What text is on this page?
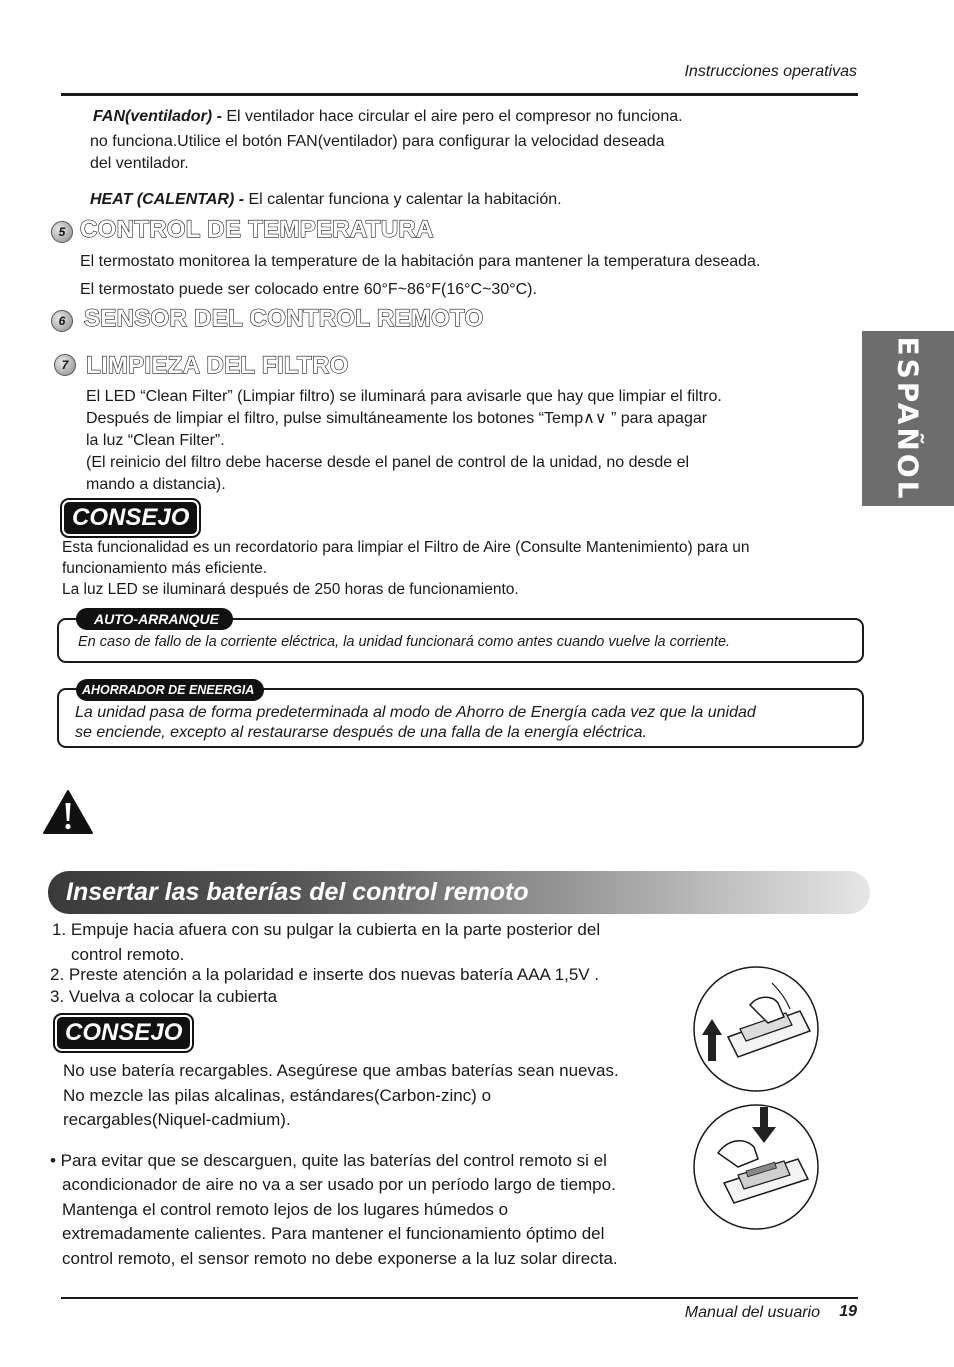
Instrucciones operativas
ESPAÑOL
FAN(ventilador) - El ventilador hace circular el aire pero el compresor no funciona.
no funciona.Utilice el botón FAN(ventilador) para configurar la velocidad deseada
del ventilador.
HEAT (CALENTAR) - El calentar funciona y calentar la habitación.
5 CONTROL DE TEMPERATURA
El termostato monitorea la temperature de la habitación para mantener la temperatura deseada.
El termostato puede ser colocado entre 60°F~86°F(16°C~30°C).
6 SENSOR DEL CONTROL REMOTO
7 LIMPIEZA DEL FILTRO
El LED “Clean Filter” (Limpiar filtro) se iluminará para avisarle que hay que limpiar el filtro.
Después de limpiar el filtro, pulse simultáneamente los botones “Temp∧∨ ” para apagar
la luz “Clean Filter”.
(El reinicio del filtro debe hacerse desde el panel de control de la unidad, no desde el
mando a distancia).
CONSEJO
Esta funcionalidad es un recordatorio para limpiar el Filtro de Aire (Consulte Mantenimiento) para un
funcionamiento más eficiente.
La luz LED se iluminará después de 250 horas de funcionamiento.
AUTO-ARRANQUE
En caso de fallo de la corriente eléctrica, la unidad funcionará como antes cuando vuelve la corriente.
AHORRADOR DE ENEERGIA
La unidad pasa de forma predeterminada al modo de Ahorro de Energía cada vez que la unidad
se enciende, excepto al restaurarse después de una falla de la energía eléctrica.
Insertar las baterías del control remoto
1. Empuje hacia afuera con su pulgar la cubierta en la parte posterior del
control remoto.
2. Preste atención a la polaridad e inserte dos nuevas batería AAA 1,5V .
3. Vuelva a colocar la cubierta
CONSEJO
No use batería recargables. Asegúrese que ambas baterías sean nuevas.
No mezcle las pilas alcalinas, estándares(Carbon-zinc) o
recargables(Niquel-cadmium).
• Para evitar que se descarguen, quite las baterías del control remoto si el
acondicionador de aire no va a ser usado por un período largo de tiempo.
Mantenga el control remoto lejos de los lugares húmedos o
extremadamente calientes. Para mantener el funcionamiento óptimo del
control remoto, el sensor remoto no debe exponerse a la luz solar directa.
Manual del usuario 19
